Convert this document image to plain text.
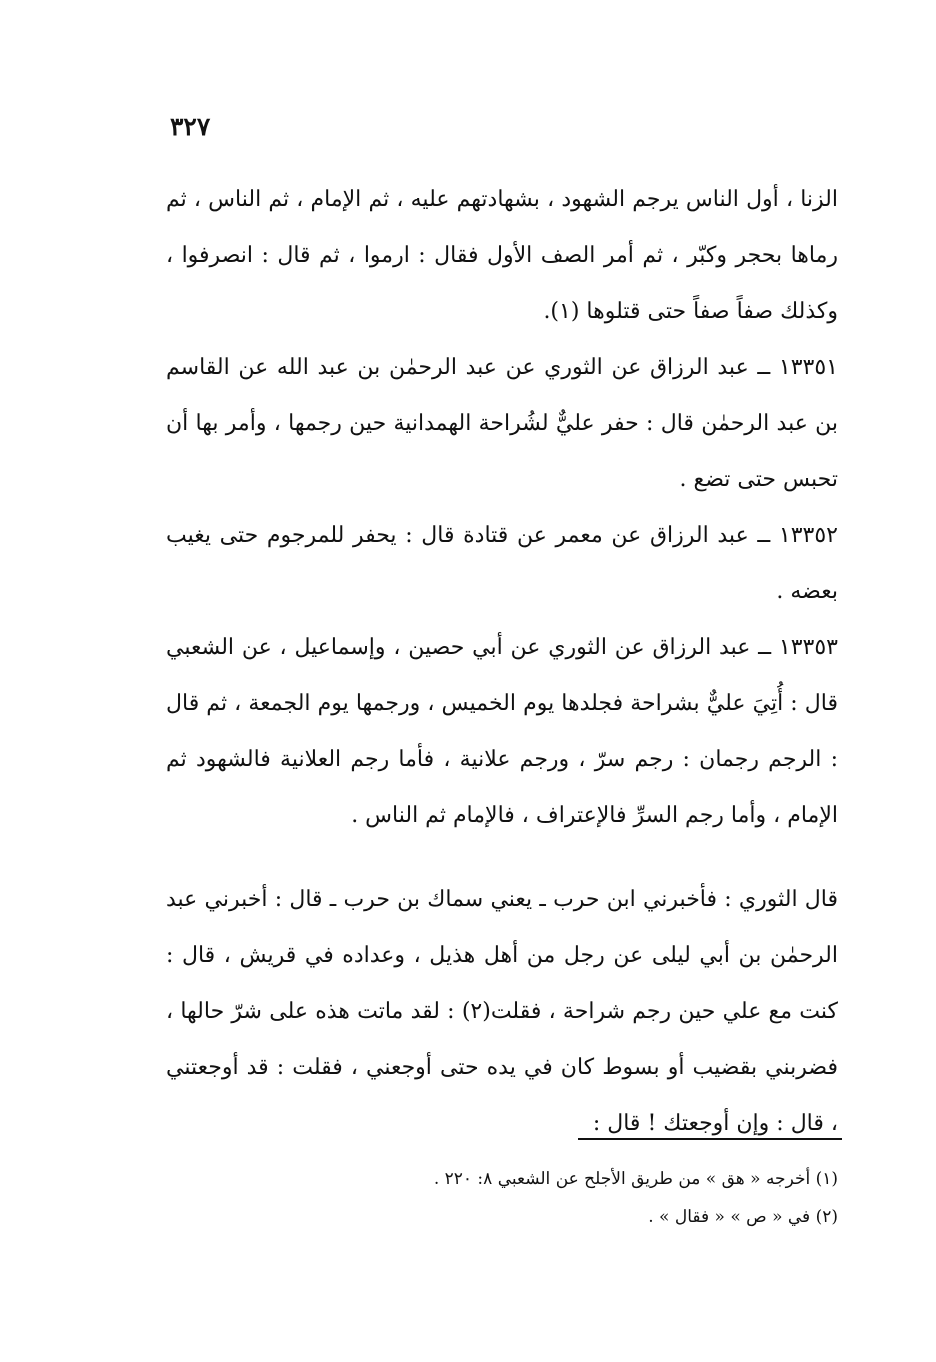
٣٢٧

الزنا ، أول الناس يرجم الشهود ، بشهادتهم عليه ، ثم الإمام ، ثم الناس ، ثم رماها بحجر وكبّر ، ثم أمر الصف الأول فقال : ارموا ، ثم قال : انصرفوا ، وكذلك صفاً صفاً حتى قتلوها (١).

١٣٣٥١ ــ عبد الرزاق عن الثوري عن عبد الرحمٰن بن عبد الله عن القاسم بن عبد الرحمٰن قال : حفر عليٌّ لشُراحة الهمدانية حين رجمها ، وأمر بها أن تحبس حتى تضع .

١٣٣٥٢ ــ عبد الرزاق عن معمر عن قتادة قال : يحفر للمرجوم حتى يغيب بعضه .

١٣٣٥٣ ــ عبد الرزاق عن الثوري عن أبي حصين ، وإسماعيل ، عن الشعبي قال : أُتِيَ عليٌّ بشراحة فجلدها يوم الخميس ، ورجمها يوم الجمعة ، ثم قال : الرجم رجمان : رجم سرّ ، ورجم علانية ، فأما رجم العلانية فالشهود ثم الإمام ، وأما رجم السرِّ فالإعتراف ، فالإمام ثم الناس .

قال الثوري : فأخبرني ابن حرب ـ يعني سماك بن حرب ـ قال : أخبرني عبد الرحمٰن بن أبي ليلى عن رجل من أهل هذيل ، وعداده في قريش ، قال : كنت مع علي حين رجم شراحة ، فقلت(٢) : لقد ماتت هذه على شرّ حالها ، فضربني بقضيب أو بسوط كان في يده حتى أوجعني ، فقلت : قد أوجعتني ، قال : وإن أوجعتك ! قال :

(١) أخرجه « هق » من طريق الأجلح عن الشعبي ٨: ٢٢٠ .

(٢) في « ص » « فقال » .
